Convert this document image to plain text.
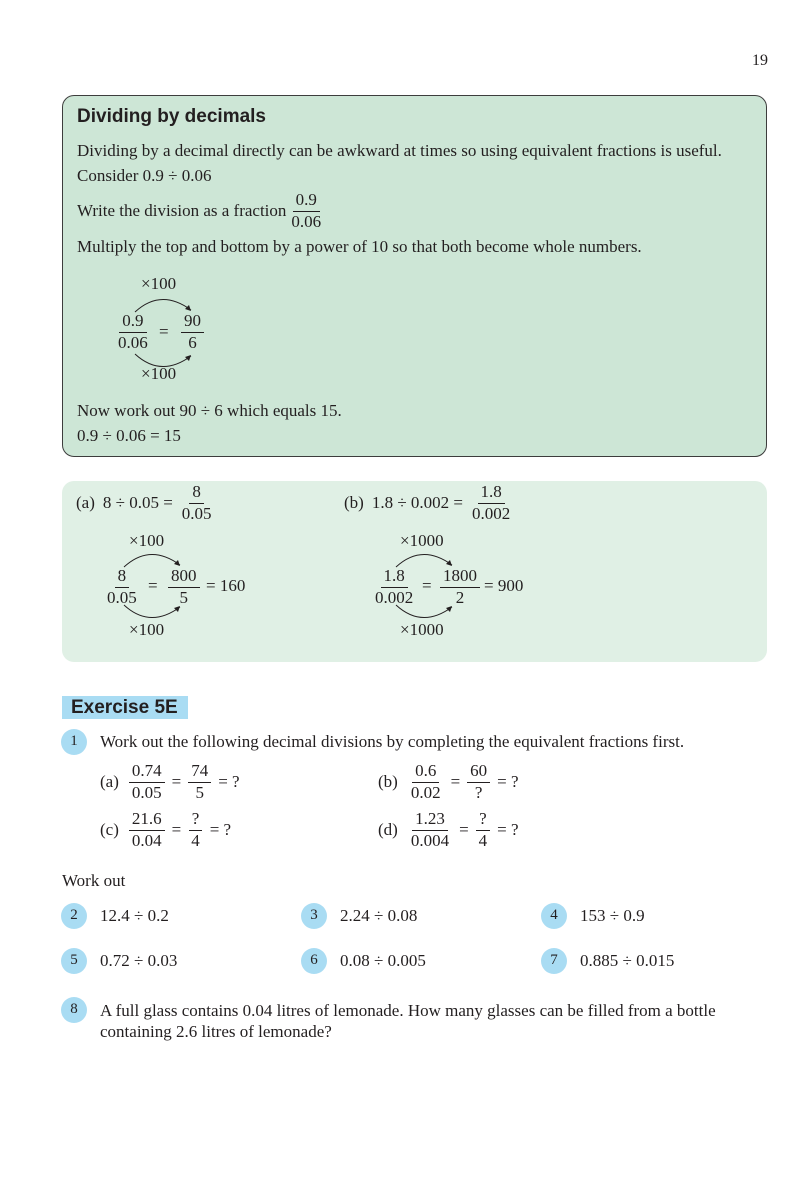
19
Dividing by decimals
Dividing by a decimal directly can be awkward at times so using equivalent fractions is useful.
Consider 0.9 ÷ 0.06
Write the division as a fraction $\frac{0.9}{0.06}$
Multiply the top and bottom by a power of 10 so that both become whole numbers.
×100
$\frac{0.9}{0.06} = \frac{90}{6}$
×100
Now work out 90 ÷ 6 which equals 15.
0.9 ÷ 0.06 = 15
(a) $8 \div 0.05 = \frac{8}{0.05}$
×100
$\frac{8}{0.05} = \frac{800}{5} = 160$
×100
(b) $1.8 \div 0.002 = \frac{1.8}{0.002}$
×1000
$\frac{1.8}{0.002} = \frac{1800}{2} = 900$
×1000
Exercise 5E
1	Work out the following decimal divisions by completing the equivalent fractions first.
$(a) \frac{0.74}{0.05} = \frac{74}{5}$ = ?	$(b) \frac{0.6}{0.02} = \frac{60}{?}$ = ?
$(c) \frac{21.6}{0.04} = \frac{?}{4}$ = ?	$(d) \frac{1.23}{0.004} = \frac{?}{4}$ = ?
Work out
2	12.4 ÷ 0.2	3	2.24 ÷ 0.08	4	153 ÷ 0.9
5	0.72 ÷ 0.03	6	0.08 ÷ 0.005	7	0.885 ÷ 0.015
8	A full glass contains 0.04 litres of lemonade. How many glasses can be filled from a bottle
containing 2.6 litres of lemonade?
